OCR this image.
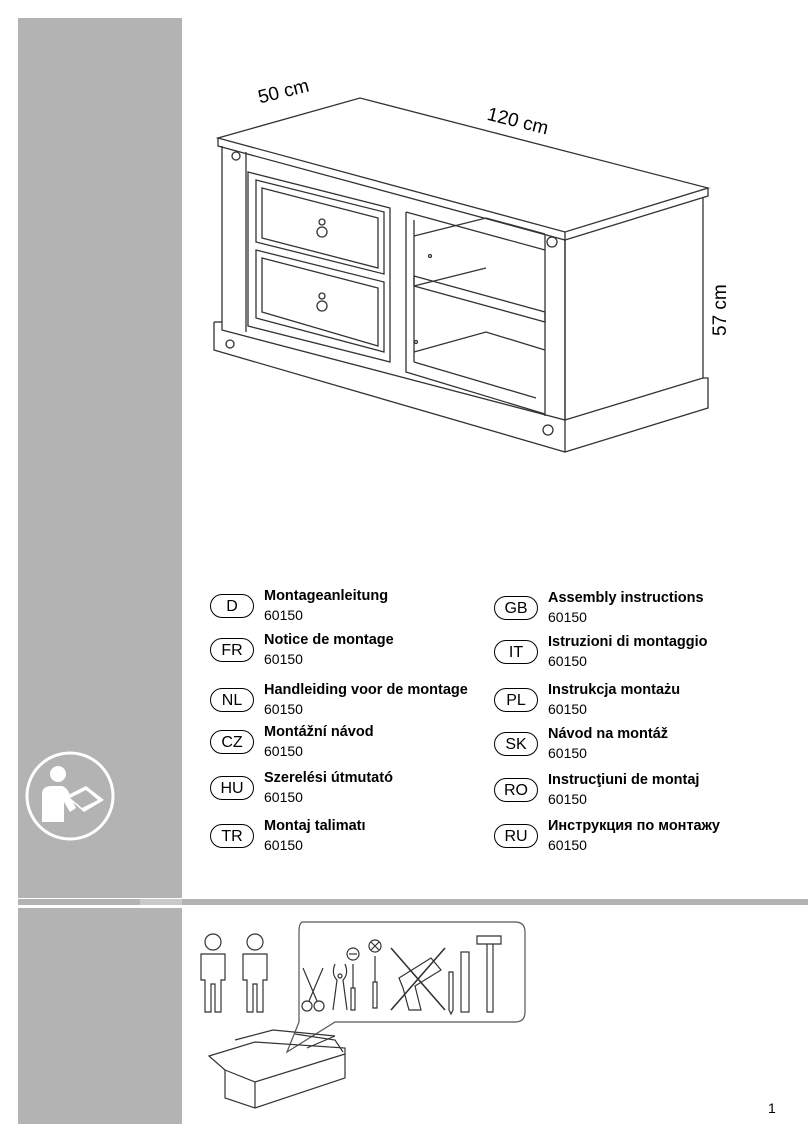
50 cm
120 cm
57 cm
D
Montageanleitung
60150
FR
Notice de montage
60150
NL
Handleiding voor de montage
60150
CZ
Montážní návod
60150
HU
Szerelési útmutató
60150
TR
Montaj talimatı
60150
GB
Assembly instructions
60150
IT
Istruzioni di montaggio
60150
PL
Instrukcja montażu
60150
SK
Návod na montáž
60150
RO
Instrucţiuni de montaj
60150
RU
Инструкция по монтажу
60150
1
